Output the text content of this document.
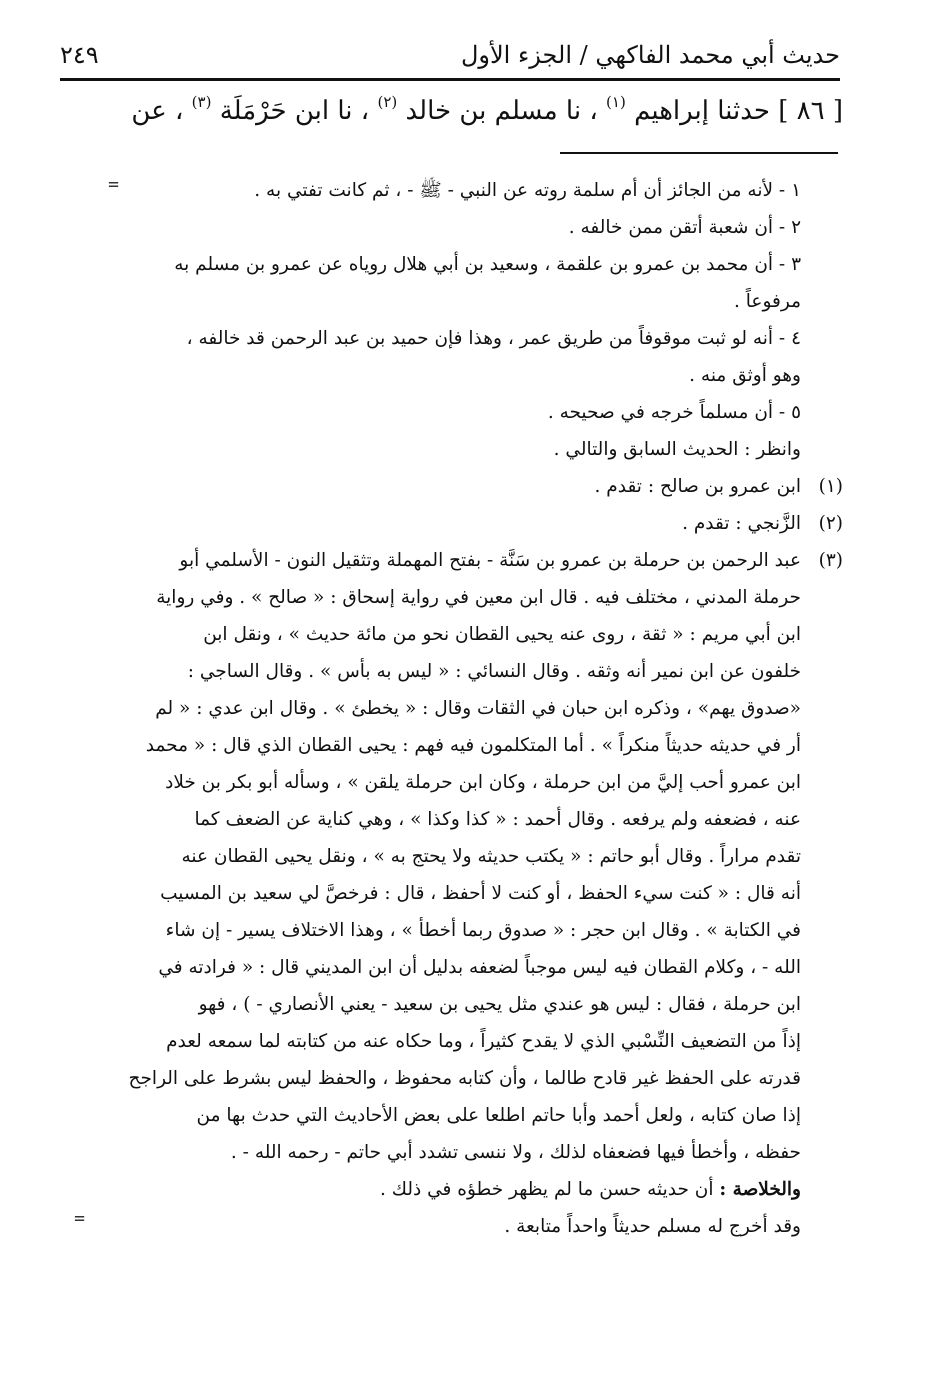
حديث أبي محمد الفاكهي / الجزء الأول
٢٤٩
[ ٨٦ ] حدثنا إبراهيم $^{(١)}$ ، نا مسلم بن خالد $^{(٢)}$ ، نا ابن حَرْمَلَة $^{(٣)}$ ، عن
=
=
١ - لأنه من الجائز أن أم سلمة روته عن النبي - ﷺ - ، ثم كانت تفتي به .
٢ - أن شعبة أتقن ممن خالفه .
٣ - أن محمد بن عمرو بن علقمة ، وسعيد بن أبي هلال روياه عن عمرو بن مسلم به
مرفوعاً .
٤ - أنه لو ثبت موقوفاً من طريق عمر ، وهذا فإن حميد بن عبد الرحمن قد خالفه ،
وهو أوثق منه .
٥ - أن مسلماً خرجه في صحيحه .
وانظر : الحديث السابق والتالي .
(١)ابن عمرو بن صالح : تقدم .
(٢)الزَّنجي : تقدم .
(٣)عبد الرحمن بن حرملة بن عمرو بن سَنَّة - بفتح المهملة وتثقيل النون - الأسلمي أبو
حرملة المدني ، مختلف فيه . قال ابن معين في رواية إسحاق : « صالح » . وفي رواية
ابن أبي مريم : « ثقة ، روى عنه يحيى القطان نحو من مائة حديث » ، ونقل ابن
خلفون عن ابن نمير أنه وثقه . وقال النسائي : « ليس به بأس » . وقال الساجي :
«صدوق يهم» ، وذكره ابن حبان في الثقات وقال : « يخطئ » . وقال ابن عدي : « لم
أر في حديثه حديثاً منكراً » . أما المتكلمون فيه فهم : يحيى القطان الذي قال : « محمد
ابن عمرو أحب إليَّ من ابن حرملة ، وكان ابن حرملة يلقن » ، وسأله أبو بكر بن خلاد
عنه ، فضعفه ولم يرفعه . وقال أحمد : « كذا وكذا » ، وهي كناية عن الضعف كما
تقدم مراراً . وقال أبو حاتم : « يكتب حديثه ولا يحتج به » ، ونقل يحيى القطان عنه
أنه قال : « كنت سيء الحفظ ، أو كنت لا أحفظ ، قال : فرخصَّ لي سعيد بن المسيب
في الكتابة » . وقال ابن حجر : « صدوق ربما أخطأ » ، وهذا الاختلاف يسير - إن شاء
الله - ، وكلام القطان فيه ليس موجباً لضعفه بدليل أن ابن المديني قال : « فرادته في
ابن حرملة ، فقال : ليس هو عندي مثل يحيى بن سعيد - يعني الأنصاري - ) ، فهو
إذاً من التضعيف النِّسْبي الذي لا يقدح كثيراً ، وما حكاه عنه من كتابته لما سمعه لعدم
قدرته على الحفظ غير قادح طالما ، وأن كتابه محفوظ ، والحفظ ليس بشرط على الراجح
إذا صان كتابه ، ولعل أحمد وأبا حاتم اطلعا على بعض الأحاديث التي حدث بها من
حفظه ، وأخطأ فيها فضعفاه لذلك ، ولا ننسى تشدد أبي حاتم - رحمه الله - .
والخلاصة : أن حديثه حسن ما لم يظهر خطؤه في ذلك .
وقد أخرج له مسلم حديثاً واحداً متابعة .
